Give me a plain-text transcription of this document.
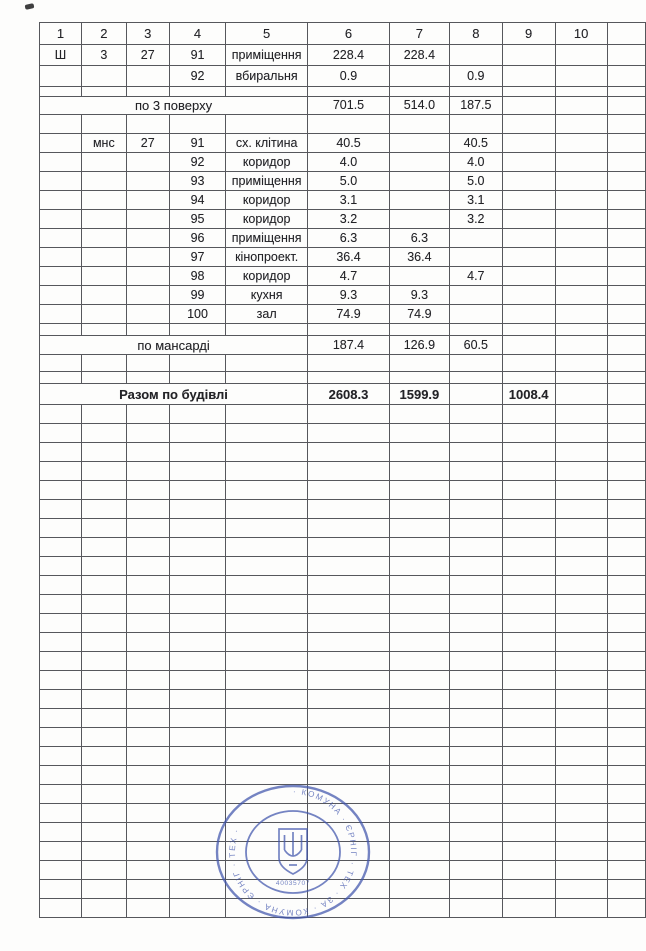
1	2	3	4	5	6	7	8	9	10	
Ш	3	27	91	приміщення	228.4	228.4				
			92	вбиральня	0.9		0.9			

по 3 поверху					701.5	514.0	187.5			

	мнс	27	91	сх. клітина	40.5		40.5			
			92	коридор	4.0		4.0			
			93	приміщення	5.0		5.0			
			94	коридор	3.1		3.1			
			95	коридор	3.2		3.2			
			96	приміщення	6.3	6.3				
			97	кінопроект.	36.4	36.4				
			98	коридор	4.7		4.7			
			99	кухня	9.3	9.3				
			100	зал	74.9	74.9				

по мансарді					187.4	126.9	60.5			

Разом по будівлі					2608.3	1599.9		1008.4		

· КОМУНА · ЄРНІГ · ТЕХ · ЗА · КОМУНА · ЄРНІГ · ТЕХ ·
40035707
